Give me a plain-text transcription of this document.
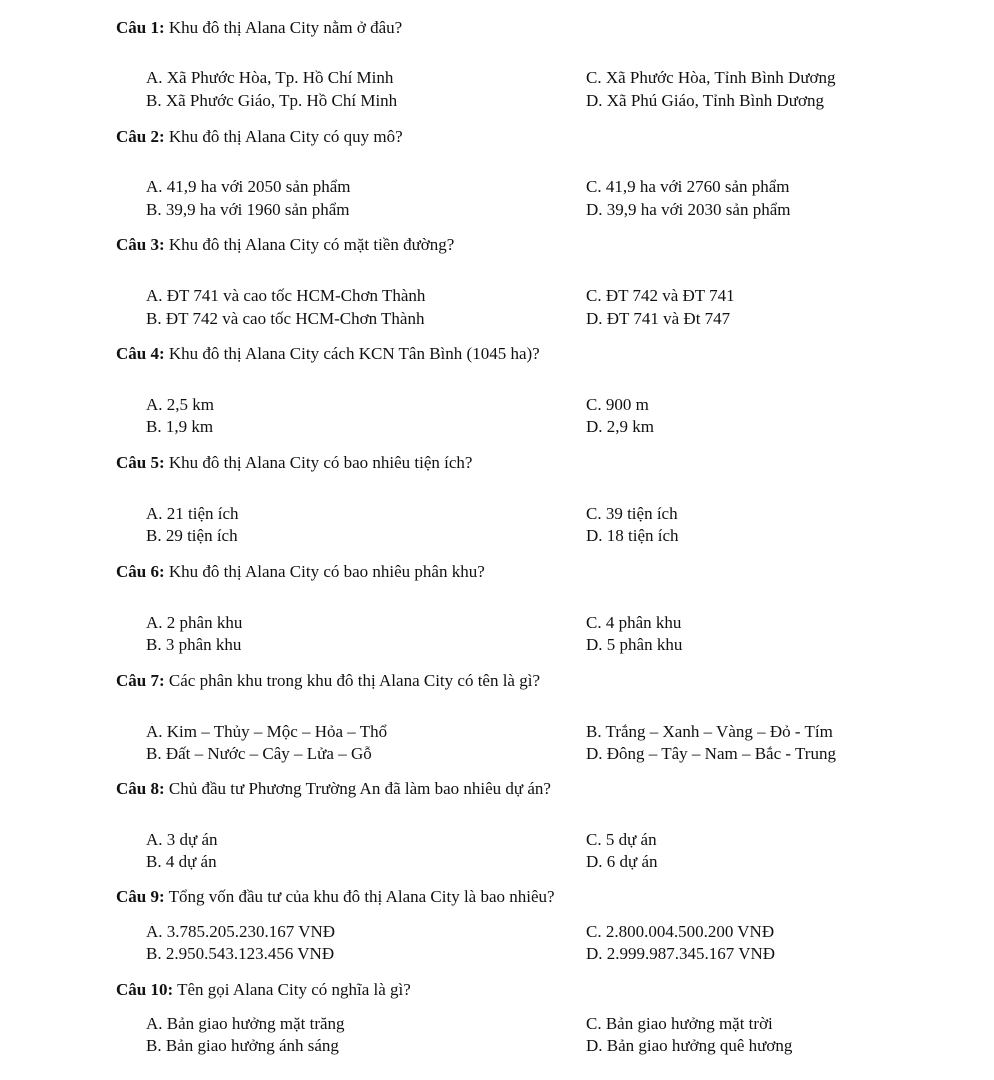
Câu 1: Khu đô thị Alana City nằm ở đâu?
A. Xã Phước Hòa, Tp. Hồ Chí Minh
B. Xã Phước Giáo, Tp. Hồ Chí Minh
C. Xã Phước Hòa, Tỉnh Bình Dương
D. Xã Phú Giáo, Tỉnh Bình Dương
Câu 2: Khu đô thị Alana City có quy mô?
A. 41,9 ha với 2050 sản phẩm
B. 39,9 ha với 1960 sản phẩm
C. 41,9 ha với 2760 sản phẩm
D. 39,9 ha với 2030 sản phẩm
Câu 3: Khu đô thị Alana City có mặt tiền đường?
A. ĐT 741 và cao tốc HCM-Chơn Thành
B. ĐT 742 và cao tốc HCM-Chơn Thành
C. ĐT 742 và ĐT 741
D. ĐT 741 và Đt 747
Câu 4: Khu đô thị Alana City cách KCN Tân Bình (1045 ha)?
A. 2,5 km
B. 1,9 km
C. 900 m
D. 2,9 km
Câu 5: Khu đô thị Alana City có bao nhiêu tiện ích?
A. 21 tiện ích
B. 29 tiện ích
C. 39 tiện ích
D. 18 tiện ích
Câu 6: Khu đô thị Alana City có bao nhiêu phân khu?
A. 2 phân khu
B. 3 phân khu
C. 4 phân khu
D. 5 phân khu
Câu 7: Các phân khu trong khu đô thị Alana City có tên là gì?
A. Kim – Thủy – Mộc – Hỏa – Thổ
B. Đất – Nước – Cây – Lửa – Gỗ
B. Trắng – Xanh – Vàng – Đỏ - Tím
D. Đông – Tây – Nam – Bắc - Trung
Câu 8: Chủ đầu tư Phương Trường An đã làm bao nhiêu dự án?
A. 3 dự án
B. 4 dự án
C. 5 dự án
D. 6 dự án
Câu 9: Tổng vốn đầu tư của khu đô thị Alana City là bao nhiêu?
A. 3.785.205.230.167 VNĐ
B. 2.950.543.123.456 VNĐ
C. 2.800.004.500.200 VNĐ
D. 2.999.987.345.167 VNĐ
Câu 10: Tên gọi Alana City có nghĩa là gì?
A. Bản giao hưởng mặt trăng
B. Bản giao hưởng ánh sáng
C. Bản giao hưởng mặt trời
D. Bản giao hưởng quê hương
